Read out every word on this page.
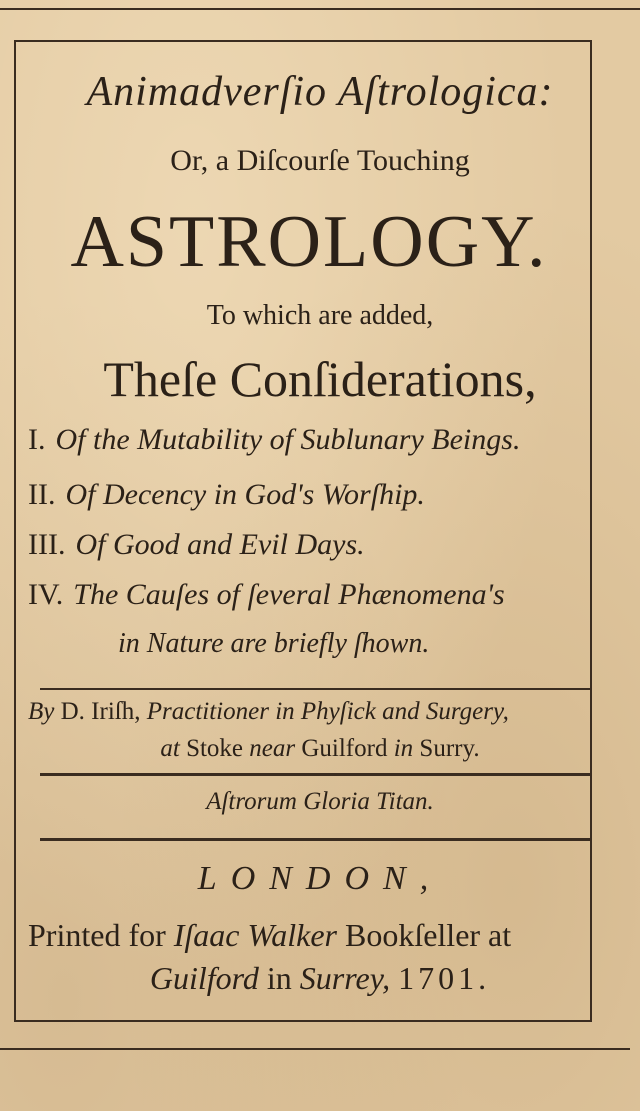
Animadverſio Aſtrologica:
Or, a Diſcourſe Touching
ASTROLOGY.
To which are added,
Theſe Conſiderations,
I. Of the Mutability of Sublunary Beings.
II. Of Decency in God's Worſhip.
III. Of Good and Evil Days.
IV. The Cauſes of ſeveral Phænomena's
in Nature are briefly ſhown.
By D. Iriſh, Practitioner in Phyſick and Surgery,
at Stoke near Guilford in Surry.
Aſtrorum Gloria Titan.
LONDON,
Printed for Iſaac Walker Bookſeller at
Guilford in Surrey, 1701.
